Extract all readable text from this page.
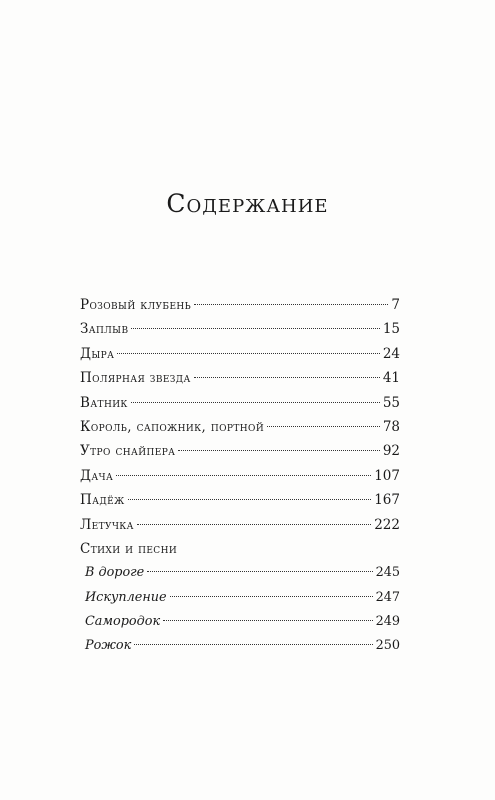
Содержание
Розовый клубень	7
Заплыв	15
Дыра	24
Полярная звезда	41
Ватник	55
Король, сапожник, портной	78
Утро снайпера	92
Дача	107
Падёж	167
Летучка	222
Стихи и песни
В дороге	245
Искупление	247
Самородок	249
Рожок	250
